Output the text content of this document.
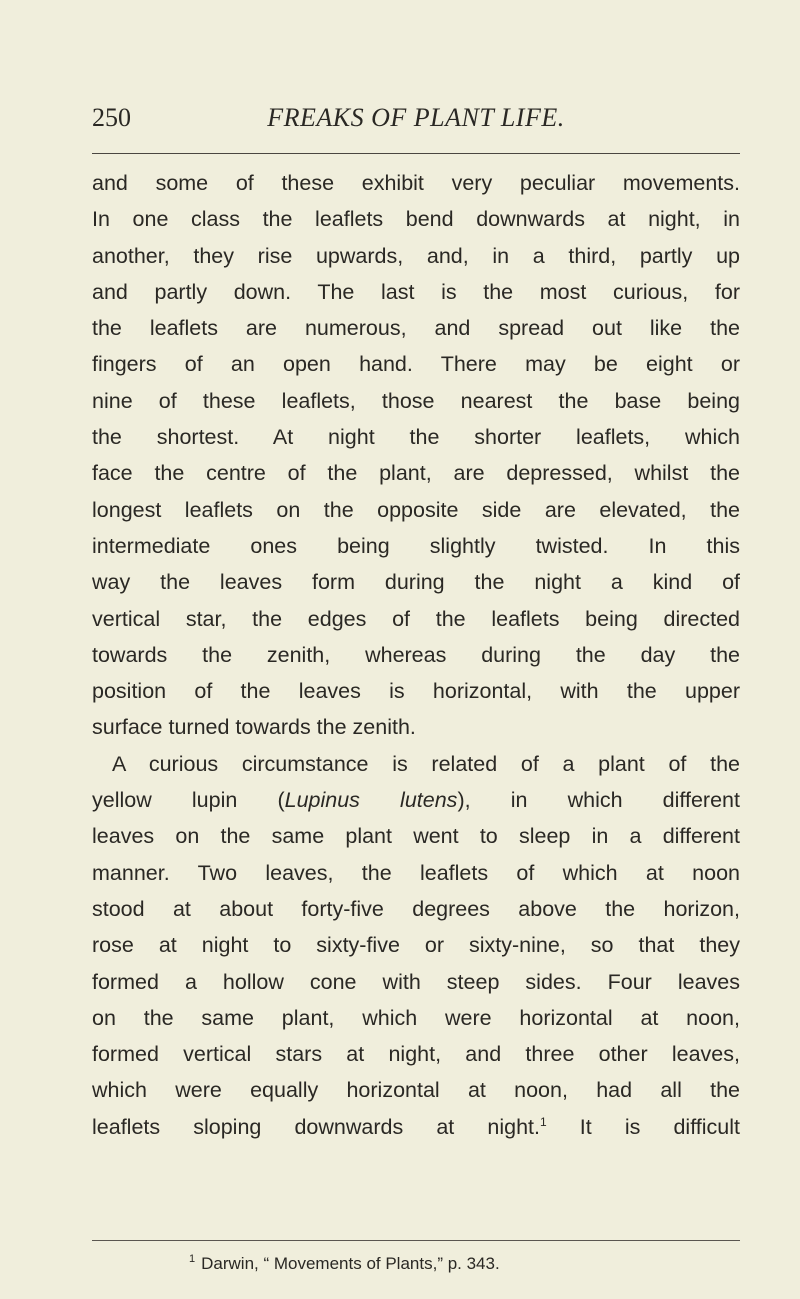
250	FREAKS OF PLANT LIFE.
and some of these exhibit very peculiar movements.
In one class the leaflets bend downwards at night, in
another, they rise upwards, and, in a third, partly up
and partly down. The last is the most curious, for
the leaflets are numerous, and spread out like the
fingers of an open hand. There may be eight or
nine of these leaflets, those nearest the base being
the shortest. At night the shorter leaflets, which
face the centre of the plant, are depressed, whilst the
longest leaflets on the opposite side are elevated, the
intermediate ones being slightly twisted. In this
way the leaves form during the night a kind of
vertical star, the edges of the leaflets being directed
towards the zenith, whereas during the day the
position of the leaves is horizontal, with the upper
surface turned towards the zenith.
A curious circumstance is related of a plant of the
yellow lupin (Lupinus lutens), in which different
leaves on the same plant went to sleep in a different
manner. Two leaves, the leaflets of which at noon
stood at about forty-five degrees above the horizon,
rose at night to sixty-five or sixty-nine, so that they
formed a hollow cone with steep sides. Four leaves
on the same plant, which were horizontal at noon,
formed vertical stars at night, and three other leaves,
which were equally horizontal at noon, had all the
leaflets sloping downwards at night.$^1$ It is difficult
$^1$ Darwin, “ Movements of Plants,” p. 343.
